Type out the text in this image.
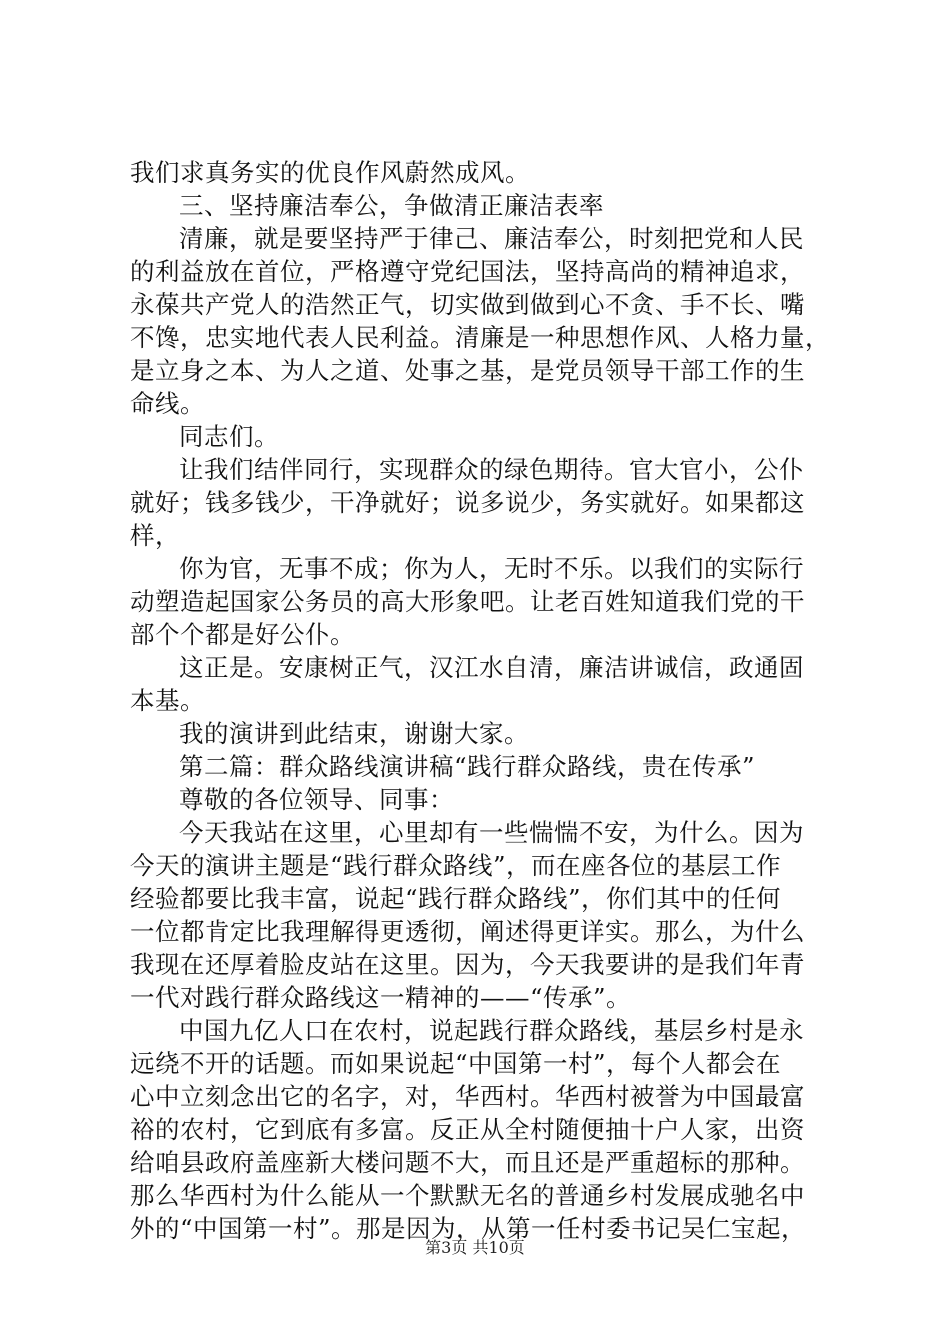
我们求真务实的优良作风蔚然成风。
三、坚持廉洁奉公，争做清正廉洁表率
清廉，就是要坚持严于律己、廉洁奉公，时刻把党和人民
的利益放在首位，严格遵守党纪国法，坚持高尚的精神追求，
永葆共产党人的浩然正气，切实做到做到心不贪、手不长、嘴
不馋，忠实地代表人民利益。清廉是一种思想作风、人格力量，
是立身之本、为人之道、处事之基，是党员领导干部工作的生
命线。
同志们。
让我们结伴同行，实现群众的绿色期待。官大官小，公仆
就好；钱多钱少，干净就好；说多说少，务实就好。如果都这
样，
你为官，无事不成；你为人，无时不乐。以我们的实际行
动塑造起国家公务员的高大形象吧。让老百姓知道我们党的干
部个个都是好公仆。
这正是。安康树正气，汉江水自清，廉洁讲诚信，政通固
本基。
我的演讲到此结束，谢谢大家。
第二篇：群众路线演讲稿“践行群众路线，贵在传承”
尊敬的各位领导、同事：
今天我站在这里，心里却有一些惴惴不安，为什么。因为
今天的演讲主题是“践行群众路线”，而在座各位的基层工作
经验都要比我丰富，说起“践行群众路线”，你们其中的任何
一位都肯定比我理解得更透彻，阐述得更详实。那么，为什么
我现在还厚着脸皮站在这里。因为，今天我要讲的是我们年青
一代对践行群众路线这一精神的——“传承”。
中国九亿人口在农村，说起践行群众路线，基层乡村是永
远绕不开的话题。而如果说起“中国第一村”，每个人都会在
心中立刻念出它的名字，对，华西村。华西村被誉为中国最富
裕的农村，它到底有多富。反正从全村随便抽十户人家，出资
给咱县政府盖座新大楼问题不大，而且还是严重超标的那种。
那么华西村为什么能从一个默默无名的普通乡村发展成驰名中
外的“中国第一村”。那是因为，从第一任村委书记吴仁宝起，
第3页 共10页
